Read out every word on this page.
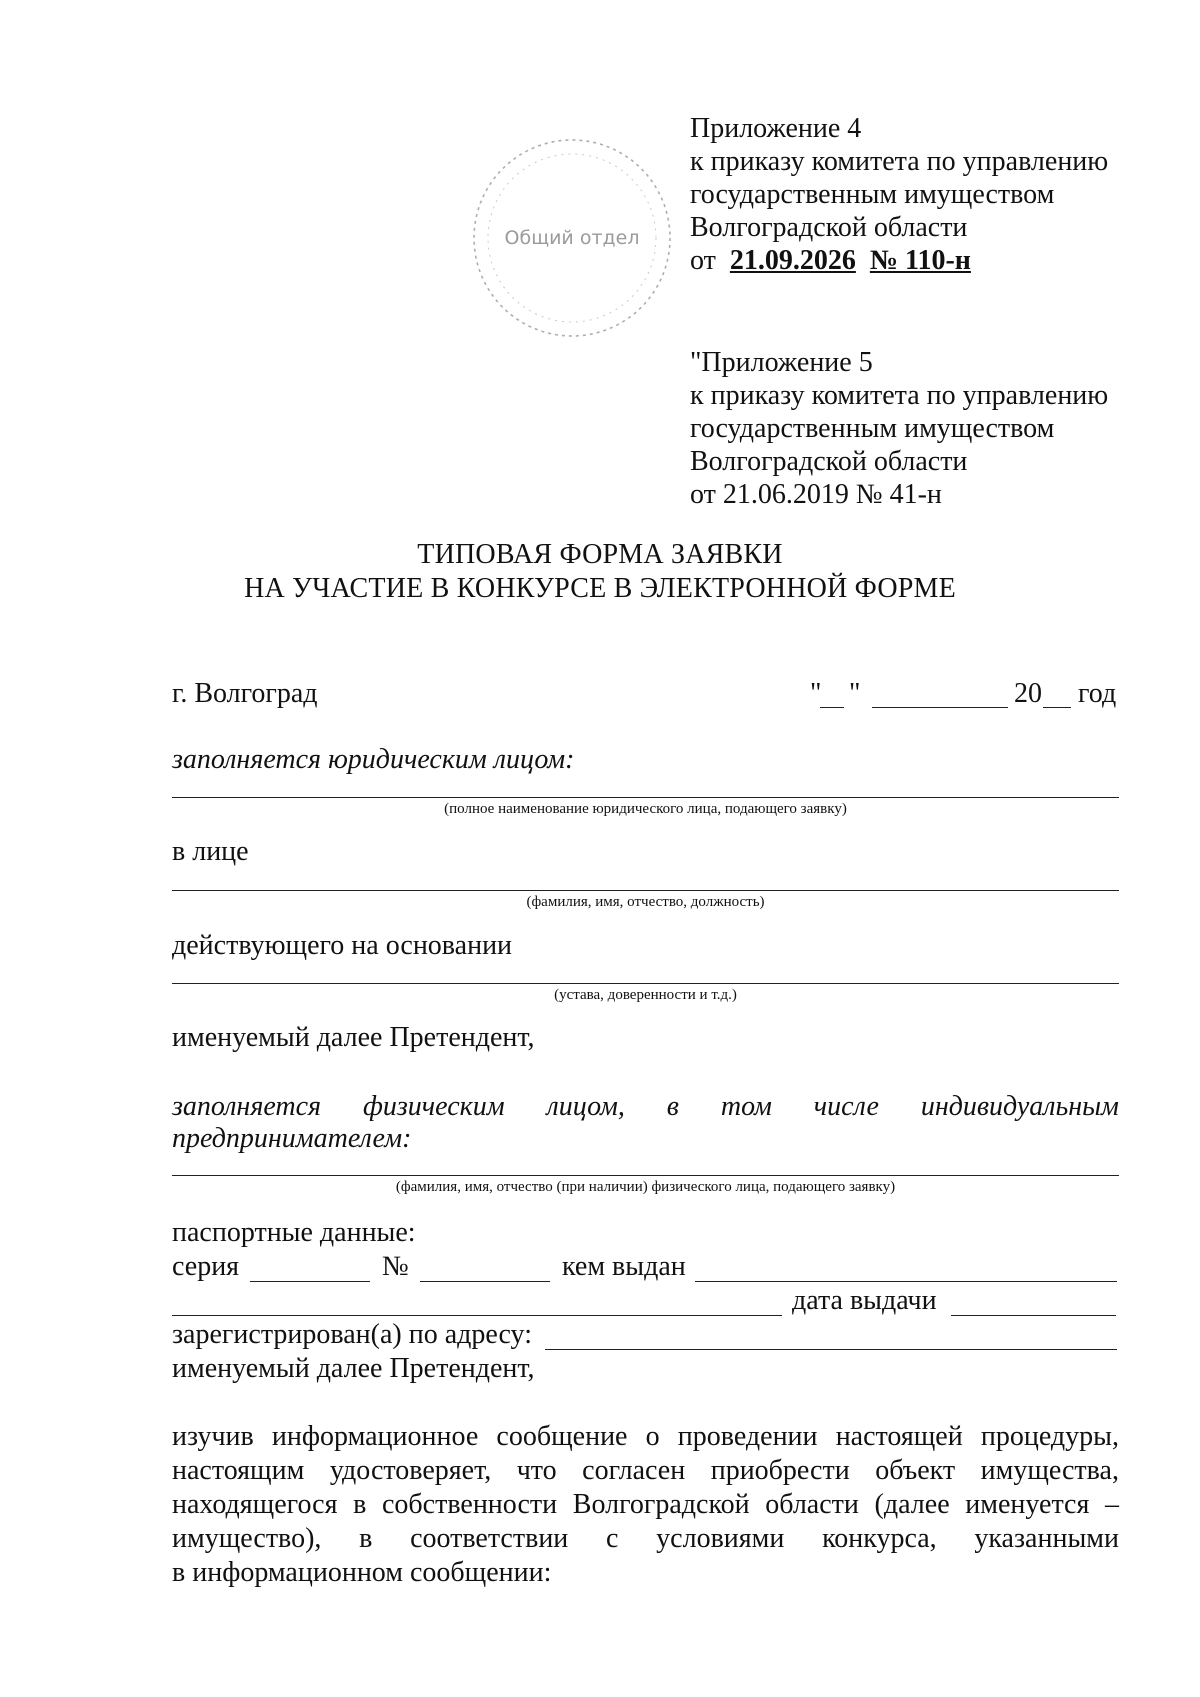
Общий отдел
Приложение 4
к приказу комитета по управлению
государственным имуществом
Волгоградской области
от 21.09.2026 № 110-н
"Приложение 5
к приказу комитета по управлению
государственным имуществом
Волгоградской области
от 21.06.2019 № 41-н
ТИПОВАЯ ФОРМА ЗАЯВКИ
НА УЧАСТИЕ В КОНКУРСЕ В ЭЛЕКТРОННОЙ ФОРМЕ
г. Волгоград	" "	20 год
заполняется юридическим лицом:
(полное наименование юридического лица, подающего заявку)
в лице
(фамилия, имя, отчество, должность)
действующего на основании
(устава, доверенности и т.д.)
именуемый далее Претендент,
заполняется физическим лицом, в том числе индивидуальным
предпринимателем:
(фамилия, имя, отчество (при наличии) физического лица, подающего заявку)
паспортные данные:
серия	№	кем выдан
дата выдачи
зарегистрирован(а) по адресу:
именуемый далее Претендент,
изучив информационное сообщение о проведении настоящей процедуры,
настоящим удостоверяет, что согласен приобрести объект имущества,
находящегося в собственности Волгоградской области (далее именуется –
имущество), в соответствии с условиями конкурса, указанными
в информационном сообщении:
